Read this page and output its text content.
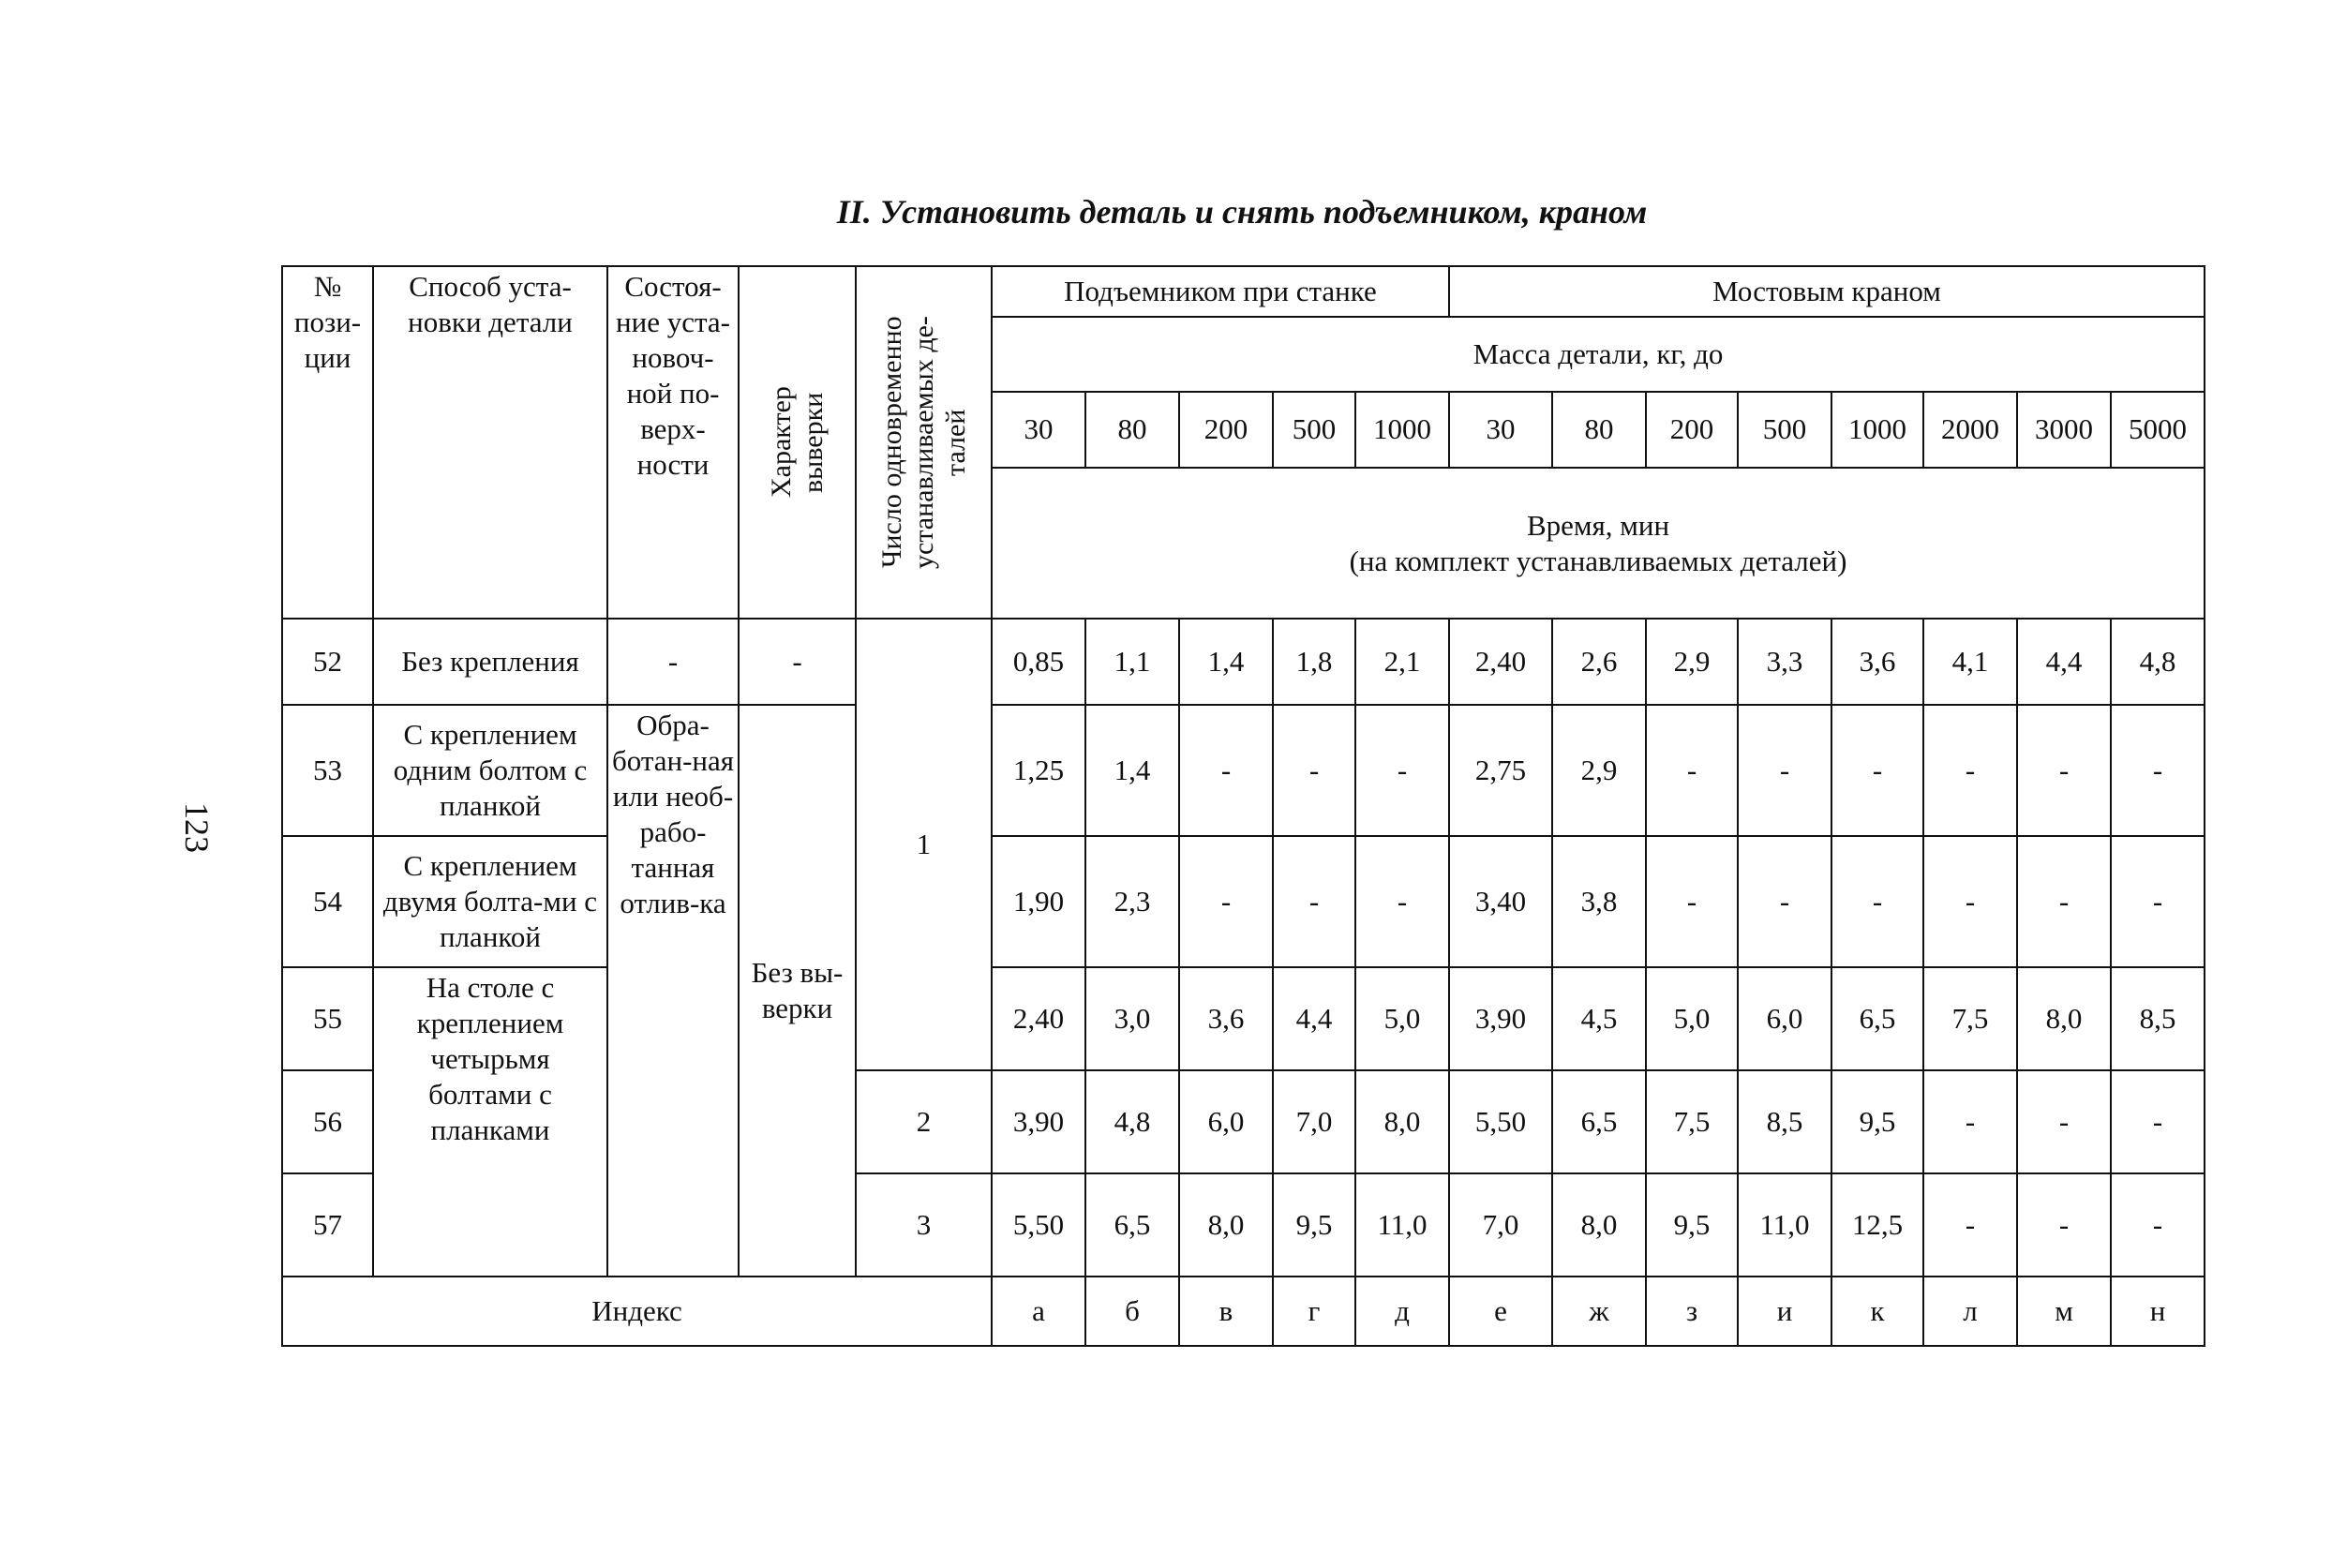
II. Установить деталь и снять подъемником, краном
123
№ пози-ции	Способ уста-новки детали	Состоя-ние уста-новоч-ной по-верх-ности	Характер выверки	Число одновременно устанавливаемых де-талей	Подъемником при станке					Мостовым краном							
					Масса детали, кг, до												
					30	80	200	500	1000	30	80	200	500	1000	2000	3000	5000

					Время, мин
(на комплект устанавливаемых деталей)												

52	Без крепления	-	-	1	0,85	1,1	1,4	1,8	2,1	2,40	2,6	2,9	3,3	3,6	4,1	4,4	4,8
53	С креплением одним болтом с планкой	Обра-ботан-ная или необ-рабо-танная отлив-ка	Без вы-верки		1,25	1,4	-	-	-	2,75	2,9	-	-	-	-	-	-
54	С креплением двумя болта-ми с планкой				1,90	2,3	-	-	-	3,40	3,8	-	-	-	-	-	-
55	На столе с креплением четырьмя болтами с планками				2,40	3,0	3,6	4,4	5,0	3,90	4,5	5,0	6,0	6,5	7,5	8,0	8,5
56				2	3,90	4,8	6,0	7,0	8,0	5,50	6,5	7,5	8,5	9,5	-	-	-
57				3	5,50	6,5	8,0	9,5	11,0	7,0	8,0	9,5	11,0	12,5	-	-	-
Индекс					а	б	в	г	д	е	ж	з	и	к	л	м	н
